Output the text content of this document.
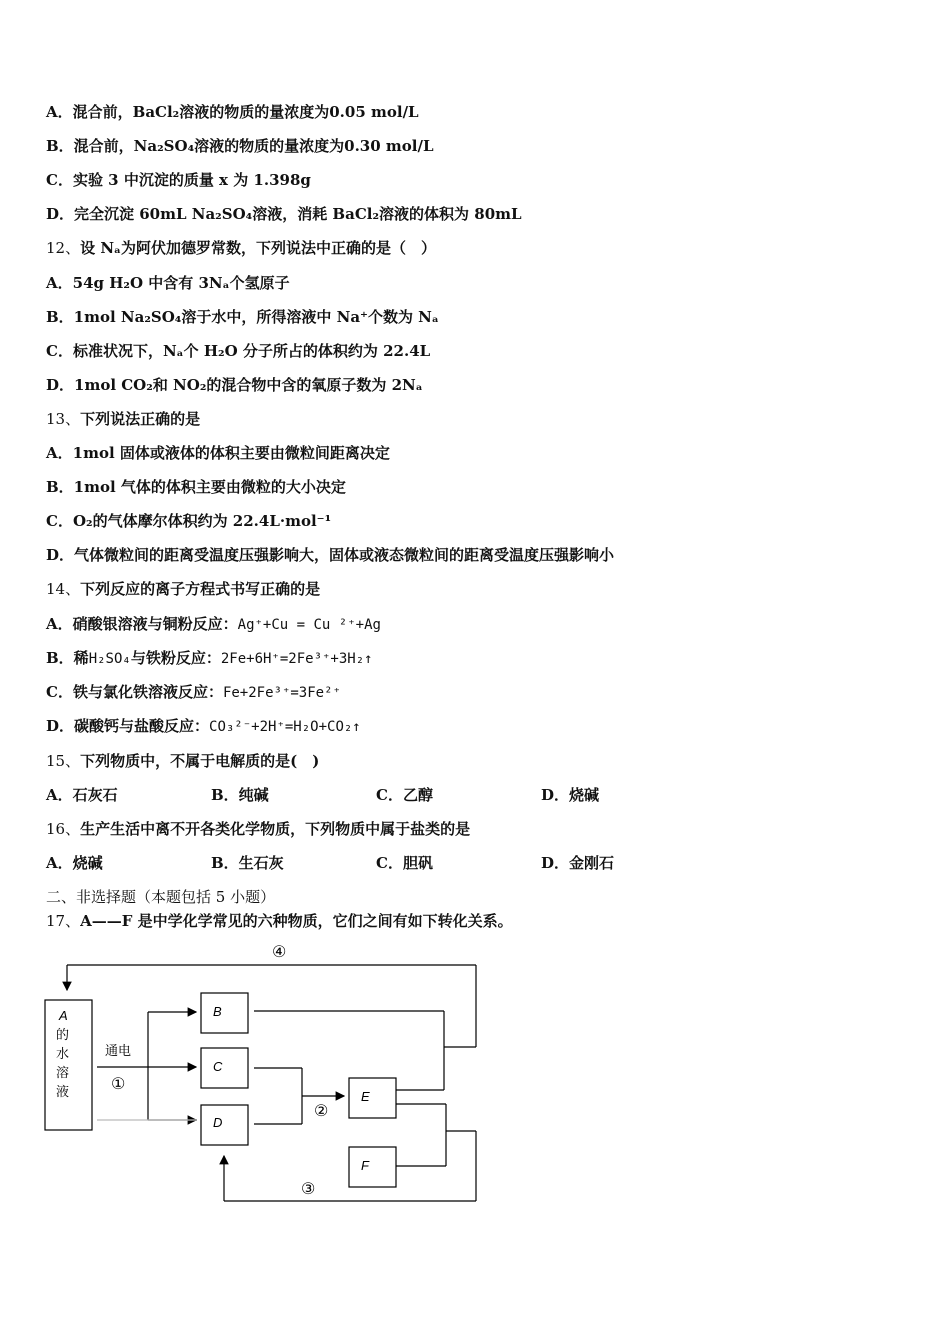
A．混合前，BaCl₂溶液的物质的量浓度为0.05 mol/L
B．混合前，Na₂SO₄溶液的物质的量浓度为0.30 mol/L
C．实验 3 中沉淀的质量 x 为 1.398g
D．完全沉淀 60mL Na₂SO₄溶液，消耗 BaCl₂溶液的体积为 80mL
12、设 Nₐ为阿伏加德罗常数，下列说法中正确的是（　）
A．54g H₂O 中含有 3Nₐ个氢原子
B．1mol Na₂SO₄溶于水中，所得溶液中 Na⁺个数为 Nₐ
C．标准状况下，Nₐ个 H₂O 分子所占的体积约为 22.4L
D．1mol CO₂和 NO₂的混合物中含的氧原子数为 2Nₐ
13、下列说法正确的是
A．1mol 固体或液体的体积主要由微粒间距离决定
B．1mol 气体的体积主要由微粒的大小决定
C．O₂的气体摩尔体积约为 22.4L·mol⁻¹
D．气体微粒间的距离受温度压强影响大，固体或液态微粒间的距离受温度压强影响小
14、下列反应的离子方程式书写正确的是
A．硝酸银溶液与铜粉反应：Ag⁺+Cu = Cu ²⁺+Ag
B．稀H₂SO₄与铁粉反应：2Fe+6H⁺=2Fe³⁺+3H₂↑
C．铁与氯化铁溶液反应：Fe+2Fe³⁺=3Fe²⁺
D．碳酸钙与盐酸反应：CO₃²⁻+2H⁺=H₂O+CO₂↑
15、下列物质中，不属于电解质的是(　)
A．石灰石	B．纯碱	C．乙醇	D．烧碱
16、生产生活中离不开各类化学物质，下列物质中属于盐类的是
A．烧碱	B．生石灰	C．胆矾	D．金刚石
二、非选择题（本题包括 5 小题）
17、A——F 是中学化学常见的六种物质，它们之间有如下转化关系。
A
的
水
溶
液
通电
①
②
③
④
B
C
D
E
F
